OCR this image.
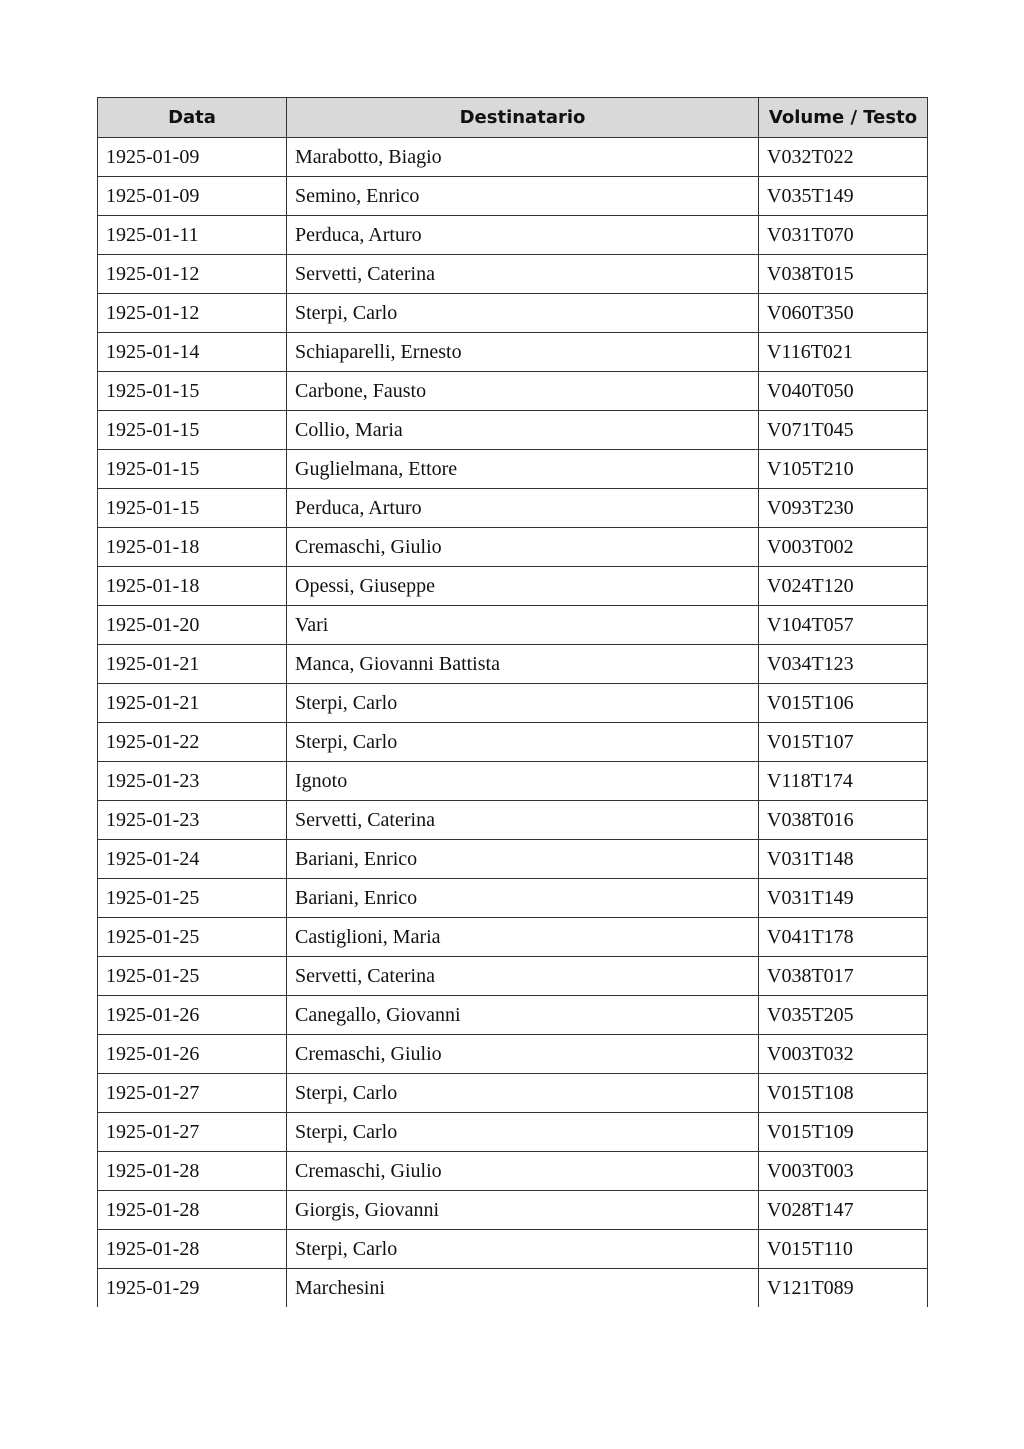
Data	Destinatario	Volume / Testo
1925-01-09	Marabotto, Biagio	V032T022
1925-01-09	Semino, Enrico	V035T149
1925-01-11	Perduca, Arturo	V031T070
1925-01-12	Servetti, Caterina	V038T015
1925-01-12	Sterpi, Carlo	V060T350
1925-01-14	Schiaparelli, Ernesto	V116T021
1925-01-15	Carbone, Fausto	V040T050
1925-01-15	Collio, Maria	V071T045
1925-01-15	Guglielmana, Ettore	V105T210
1925-01-15	Perduca, Arturo	V093T230
1925-01-18	Cremaschi, Giulio	V003T002
1925-01-18	Opessi, Giuseppe	V024T120
1925-01-20	Vari	V104T057
1925-01-21	Manca, Giovanni Battista	V034T123
1925-01-21	Sterpi, Carlo	V015T106
1925-01-22	Sterpi, Carlo	V015T107
1925-01-23	Ignoto	V118T174
1925-01-23	Servetti, Caterina	V038T016
1925-01-24	Bariani, Enrico	V031T148
1925-01-25	Bariani, Enrico	V031T149
1925-01-25	Castiglioni, Maria	V041T178
1925-01-25	Servetti, Caterina	V038T017
1925-01-26	Canegallo, Giovanni	V035T205
1925-01-26	Cremaschi, Giulio	V003T032
1925-01-27	Sterpi, Carlo	V015T108
1925-01-27	Sterpi, Carlo	V015T109
1925-01-28	Cremaschi, Giulio	V003T003
1925-01-28	Giorgis, Giovanni	V028T147
1925-01-28	Sterpi, Carlo	V015T110
1925-01-29	Marchesini	V121T089
